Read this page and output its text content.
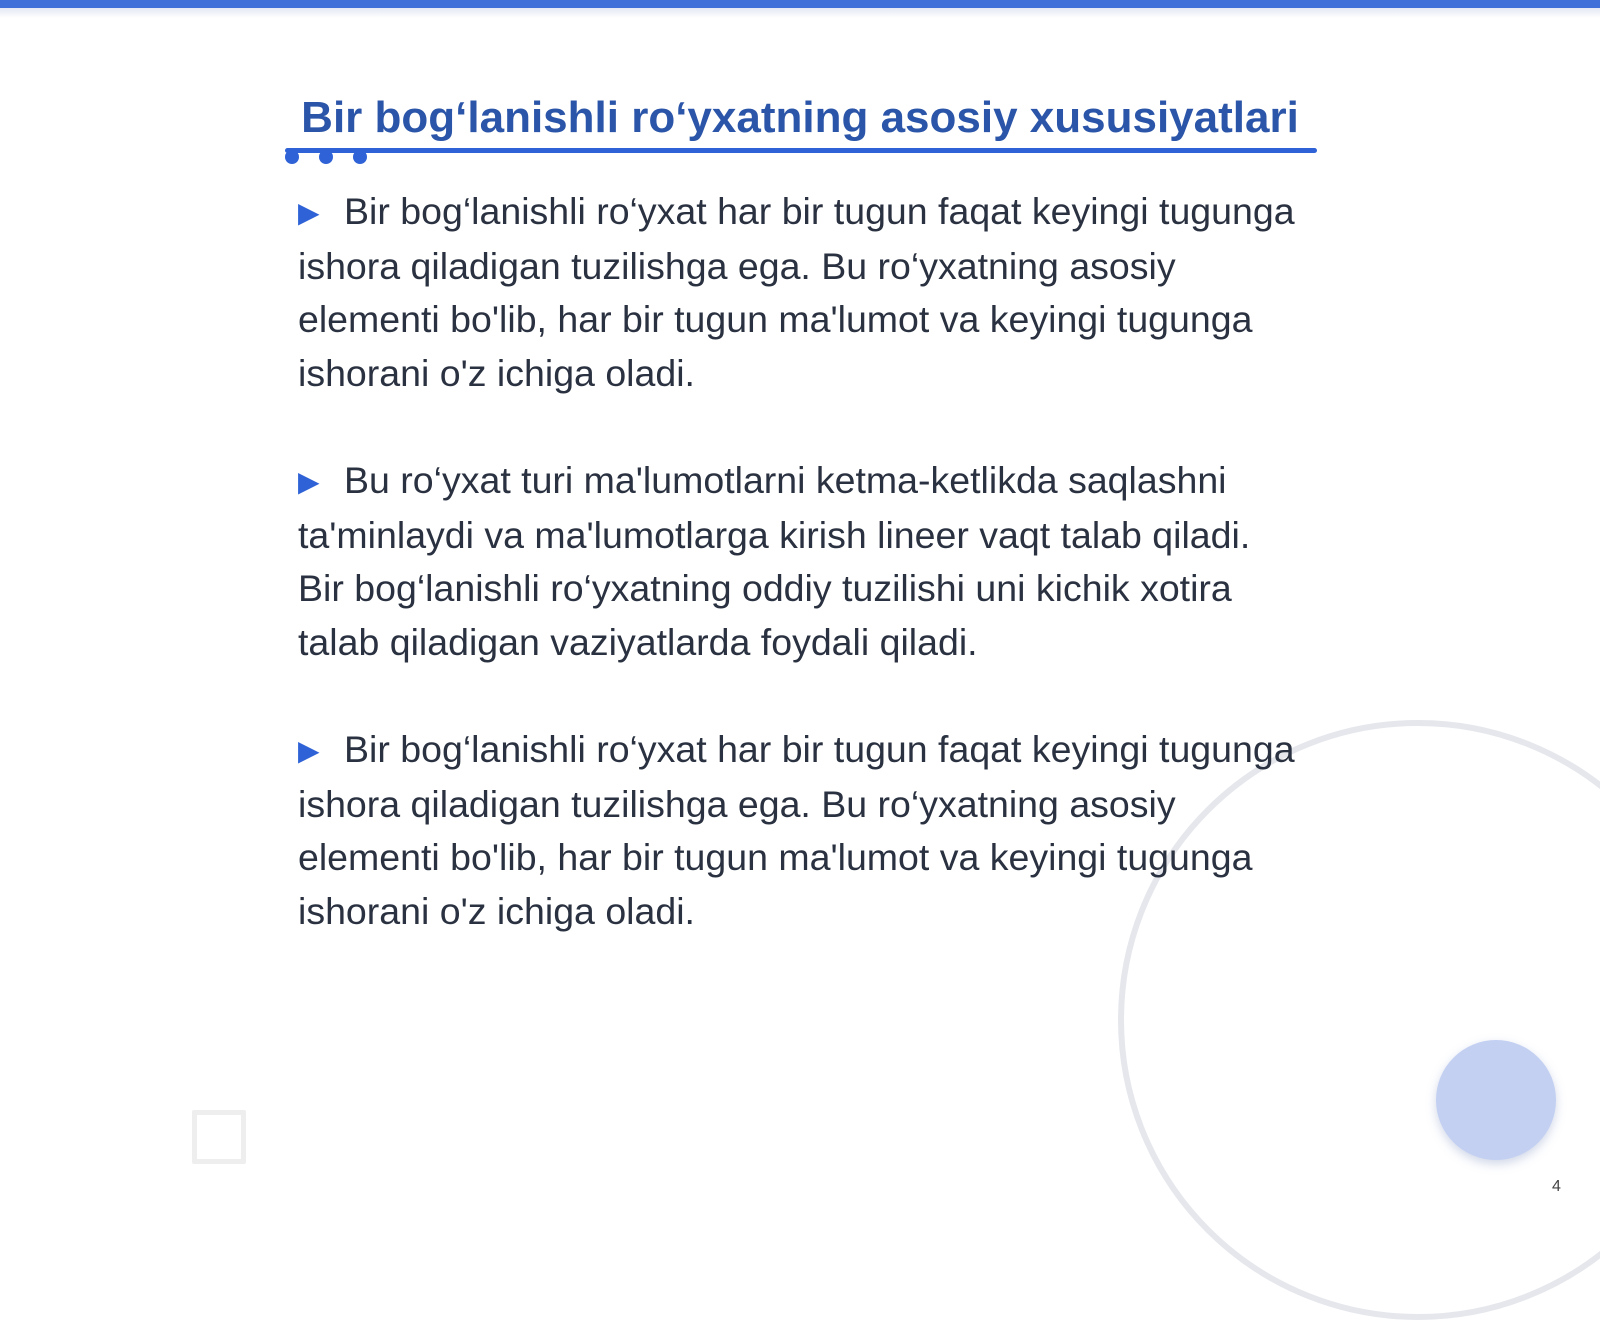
Bir bog‘lanishli ro‘yxatning asosiy xususiyatlari

▶ Bir bog‘lanishli ro‘yxat har bir tugun faqat keyingi tugunga ishora qiladigan tuzilishga ega. Bu ro‘yxatning asosiy elementi bo'lib, har bir tugun ma'lumot va keyingi tugunga ishorani o'z ichiga oladi.

▶ Bu ro‘yxat turi ma'lumotlarni ketma-ketlikda saqlashni ta'minlaydi va ma'lumotlarga kirish lineer vaqt talab qiladi. Bir bog‘lanishli ro‘yxatning oddiy tuzilishi uni kichik xotira talab qiladigan vaziyatlarda foydali qiladi.

▶ Bir bog‘lanishli ro‘yxat har bir tugun faqat keyingi tugunga ishora qiladigan tuzilishga ega. Bu ro‘yxatning asosiy elementi bo'lib, har bir tugun ma'lumot va keyingi tugunga ishorani o'z ichiga oladi.

4
